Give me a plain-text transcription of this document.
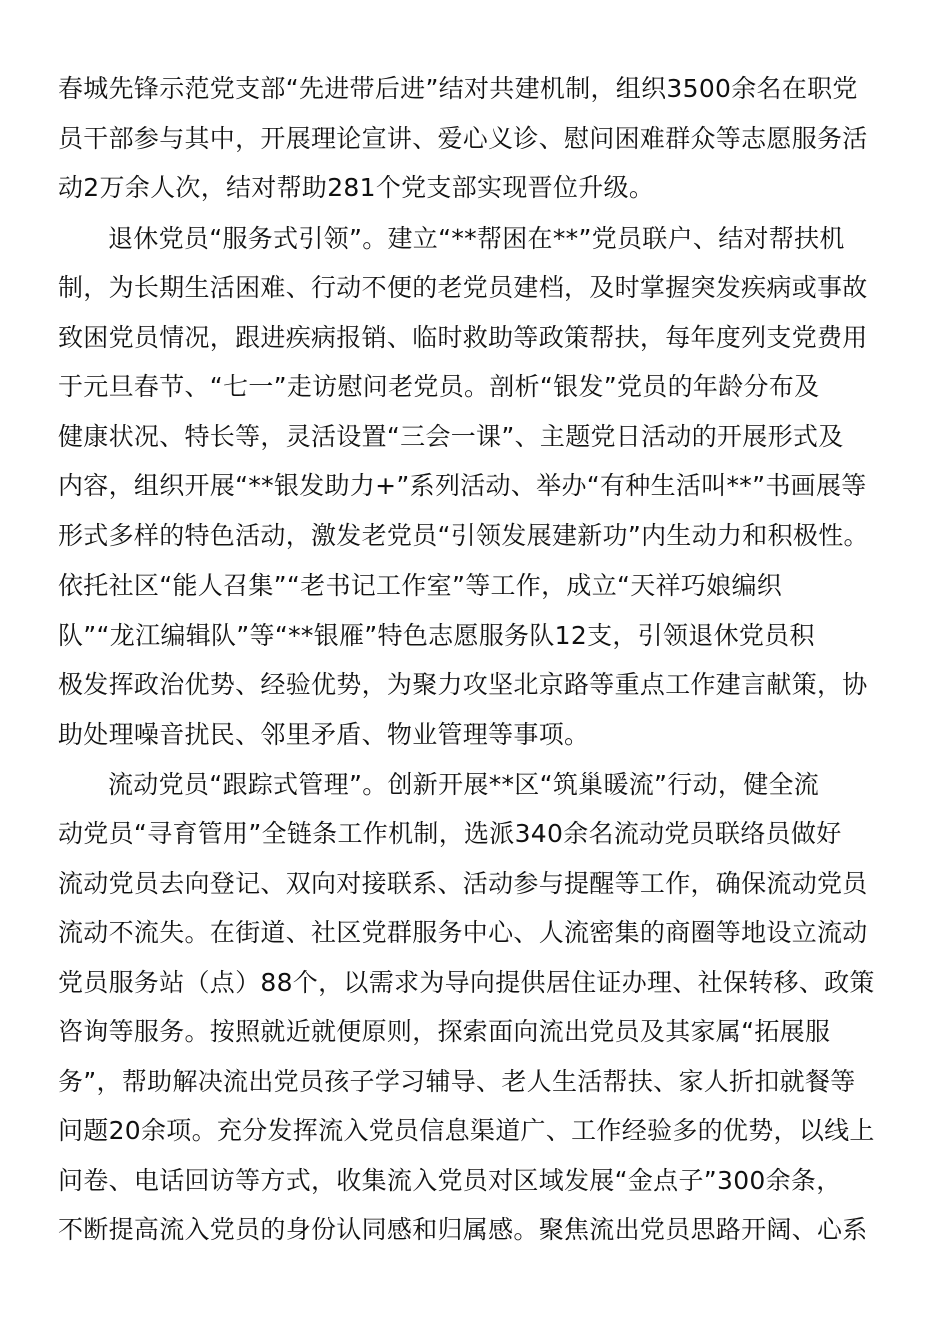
春城先锋示范党支部“先进带后进”结对共建机制，组织3500余名在职党
员干部参与其中，开展理论宣讲、爱心义诊、慰问困难群众等志愿服务活
动2万余人次，结对帮助281个党支部实现晋位升级。
退休党员“服务式引领”。建立“**帮困在**”党员联户、结对帮扶机
制，为长期生活困难、行动不便的老党员建档，及时掌握突发疾病或事故
致困党员情况，跟进疾病报销、临时救助等政策帮扶，每年度列支党费用
于元旦春节、“七一”走访慰问老党员。剖析“银发”党员的年龄分布及
健康状况、特长等，灵活设置“三会一课”、主题党日活动的开展形式及
内容，组织开展“**银发助力+”系列活动、举办“有种生活叫**”书画展等
形式多样的特色活动，激发老党员“引领发展建新功”内生动力和积极性。
依托社区“能人召集”“老书记工作室”等工作，成立“天祥巧娘编织
队”“龙江编辑队”等“**银雁”特色志愿服务队12支，引领退休党员积
极发挥政治优势、经验优势，为聚力攻坚北京路等重点工作建言献策，协
助处理噪音扰民、邻里矛盾、物业管理等事项。
流动党员“跟踪式管理”。创新开展**区“筑巢暖流”行动，健全流
动党员“寻育管用”全链条工作机制，选派340余名流动党员联络员做好
流动党员去向登记、双向对接联系、活动参与提醒等工作，确保流动党员
流动不流失。在街道、社区党群服务中心、人流密集的商圈等地设立流动
党员服务站（点）88个，以需求为导向提供居住证办理、社保转移、政策
咨询等服务。按照就近就便原则，探索面向流出党员及其家属“拓展服
务”，帮助解决流出党员孩子学习辅导、老人生活帮扶、家人折扣就餐等
问题20余项。充分发挥流入党员信息渠道广、工作经验多的优势，以线上
问卷、电话回访等方式，收集流入党员对区域发展“金点子”300余条，
不断提高流入党员的身份认同感和归属感。聚焦流出党员思路开阔、心系
